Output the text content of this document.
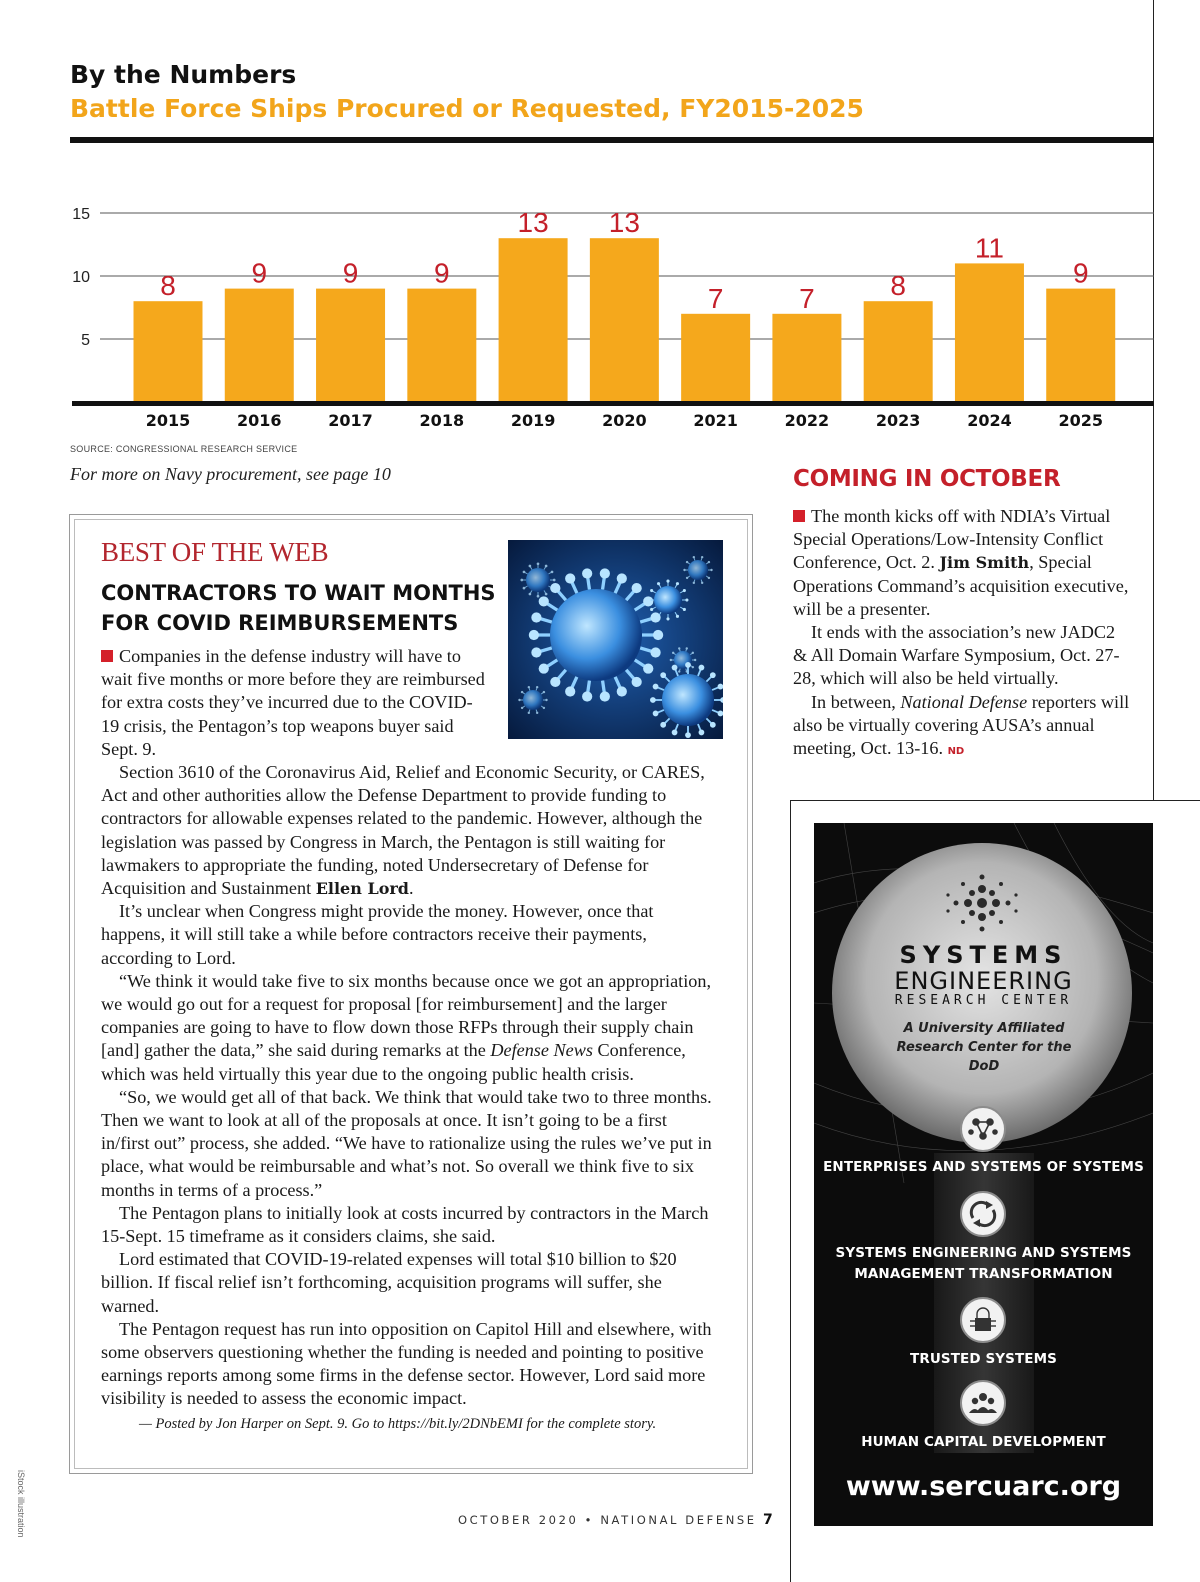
By the Numbers
Battle Force Ships Procured or Requested, FY2015-2025
5
10
15
8
2015
9
2016
9
2017
9
2018
13
2019
13
2020
7
2021
7
2022
8
2023
11
2024
9
2025
SOURCE: CONGRESSIONAL RESEARCH SERVICE
For more on Navy procurement, see page 10
BEST OF THE WEB
CONTRACTORS TO WAIT MONTHS FOR COVID REIMBURSEMENTS

Companies in the defense industry will have to wait five months or more before they are reimbursed for extra costs they’ve incurred due to the COVID-19 crisis, the Pentagon’s top weapons buyer said Sept. 9.

Section 3610 of the Coronavirus Aid, Relief and Economic Security, or CARES, Act and other authorities allow the Defense Department to provide funding to contractors for allowable expenses related to the pandemic. However, although the legislation was passed by Congress in March, the Pentagon is still waiting for lawmakers to appropriate the funding, noted Undersecretary of Defense for Acquisition and Sustainment Ellen Lord.

It’s unclear when Congress might provide the money. However, once that happens, it will still take a while before contractors receive their payments, according to Lord.

“We think it would take five to six months because once we got an appropriation, we would go out for a request for proposal [for reimbursement] and the larger companies are going to have to flow down those RFPs through their supply chain [and] gather the data,” she said during remarks at the Defense News Conference, which was held virtually this year due to the ongoing public health crisis.

“So, we would get all of that back. We think that would take two to three months. Then we want to look at all of the proposals at once. It isn’t going to be a first in/first out” process, she added. “We have to rationalize using the rules we’ve put in place, what would be reimbursable and what’s not. So overall we think five to six months in terms of a process.”

The Pentagon plans to initially look at costs incurred by contractors in the March 15-Sept. 15 timeframe as it considers claims, she said.

Lord estimated that COVID-19-related expenses will total $10 billion to $20 billion. If fiscal relief isn’t forthcoming, acquisition programs will suffer, she warned.

The Pentagon request has run into opposition on Capitol Hill and elsewhere, with some observers questioning whether the funding is needed and pointing to positive earnings reports among some firms in the defense sector. However, Lord said more visibility is needed to assess the economic impact.

— Posted by Jon Harper on Sept. 9. Go to https://bit.ly/2DNbEMI for the complete story.

COMING IN OCTOBER

The month kicks off with NDIA’s Virtual Special Operations/Low-Intensity Conflict Conference, Oct. 2. Jim Smith, Special Operations Command’s acquisition executive, will be a presenter.

It ends with the association’s new JADC2 & All Domain Warfare Symposium, Oct. 27-28, which will also be held virtually.

In between, National Defense reporters will also be virtually covering AUSA’s annual meeting, Oct. 13-16. ND

SYSTEMS
ENGINEERING
RESEARCH CENTER
A University Affiliated Research Center for the DoD
ENTERPRISES AND SYSTEMS OF SYSTEMS
SYSTEMS ENGINEERING AND SYSTEMS MANAGEMENT TRANSFORMATION
TRUSTED SYSTEMS
HUMAN CAPITAL DEVELOPMENT
www.sercuarc.org
OCTOBER 2020 • NATIONAL DEFENSE 7
iStock illustration
